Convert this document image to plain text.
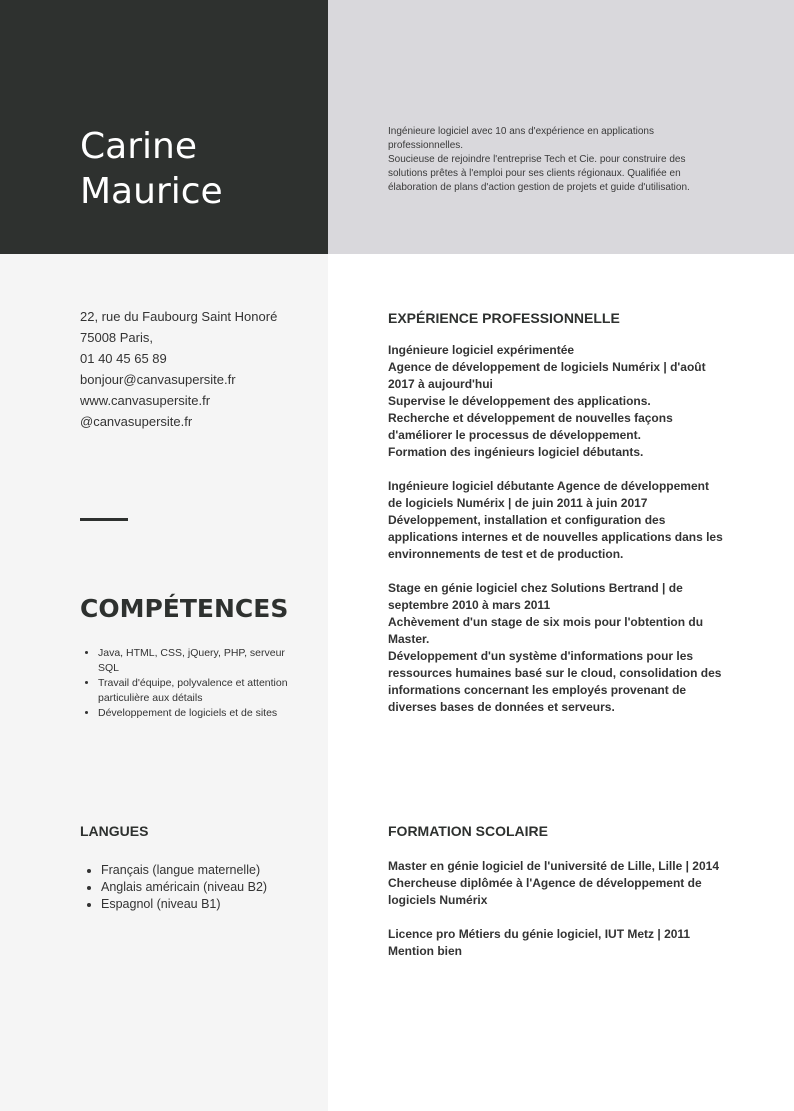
Carine
Maurice

Ingénieure logiciel avec 10 ans d'expérience en applications professionnelles.

Soucieuse de rejoindre l'entreprise Tech et Cie. pour construire des solutions prêtes à l'emploi pour ses clients régionaux. Qualifiée en élaboration de plans d'action gestion de projets et guide d'utilisation.

22, rue du Faubourg Saint Honoré
75008 Paris,
01 40 45 65 89
bonjour@canvasupersite.fr
www.canvasupersite.fr
@canvasupersite.fr
COMPÉTENCES
• Java, HTML, CSS, jQuery, PHP, serveur SQL
• Travail d'équipe, polyvalence et attention particulière aux détails
• Développement de logiciels et de sites
LANGUES
• Français (langue maternelle)
• Anglais américain (niveau B2)
• Espagnol (niveau B1)
EXPÉRIENCE PROFESSIONNELLE
Ingénieure logiciel expérimentée
Agence de développement de logiciels Numérix | d'août 2017 à aujourd'hui
Supervise le développement des applications.
Recherche et développement de nouvelles façons d'améliorer le processus de développement.
Formation des ingénieurs logiciel débutants.
Ingénieure logiciel débutante Agence de développement de logiciels Numérix | de juin 2011 à juin 2017
Développement, installation et configuration des applications internes et de nouvelles applications dans les environnements de test et de production.
Stage en génie logiciel chez Solutions Bertrand | de septembre 2010 à mars 2011
Achèvement d'un stage de six mois pour l'obtention du Master.
Développement d'un système d'informations pour les ressources humaines basé sur le cloud, consolidation des informations concernant les employés provenant de diverses bases de données et serveurs.
FORMATION SCOLAIRE
Master en génie logiciel de l'université de Lille, Lille | 2014
Chercheuse diplômée à l'Agence de développement de logiciels Numérix
Licence pro Métiers du génie logiciel, IUT Metz | 2011
Mention bien
